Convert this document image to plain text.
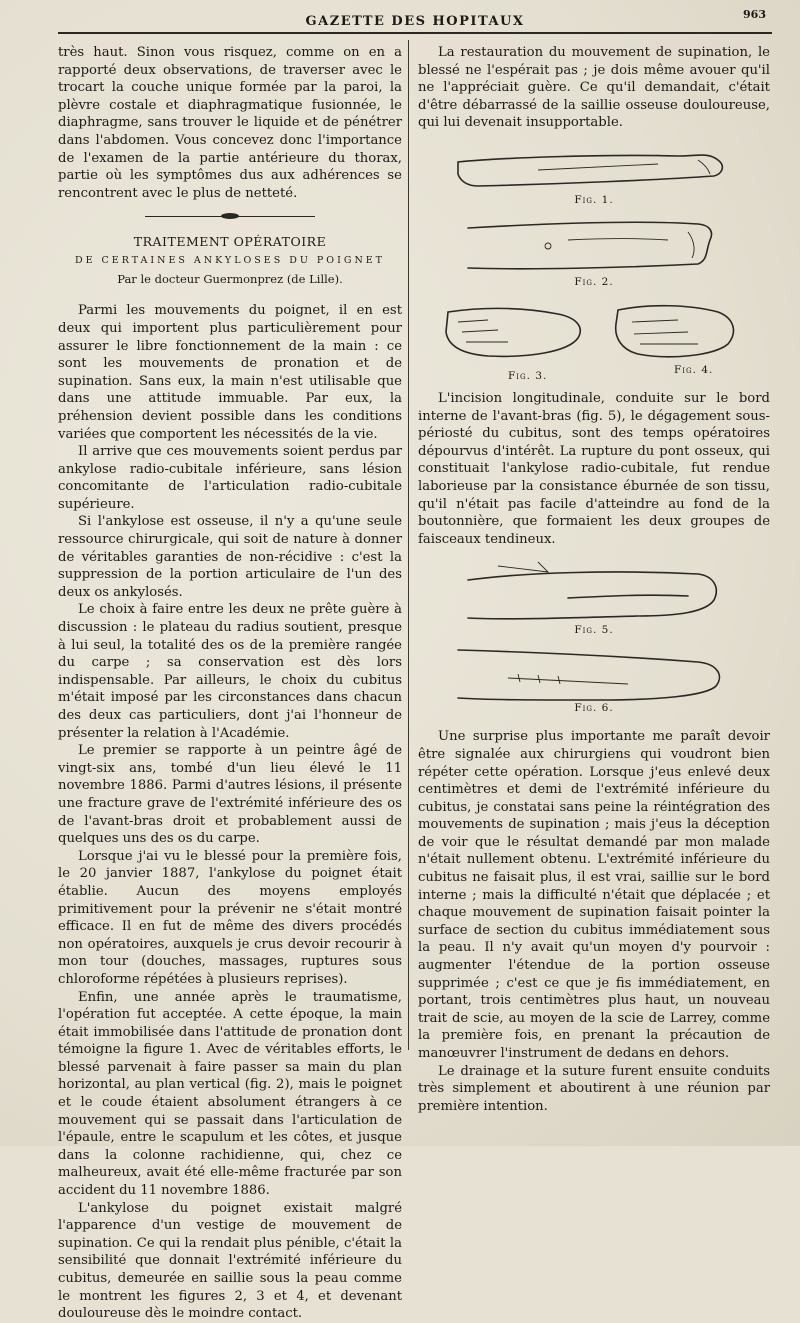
GAZETTE DES HOPITAUX	963

très haut. Sinon vous risquez, comme on en a rapporté deux observations, de traverser avec le trocart la couche unique formée par la paroi, la plèvre costale et diaphragmatique fusionnée, le diaphragme, sans trouver le liquide et de pénétrer dans l'abdomen. Vous concevez donc l'importance de l'examen de la partie antérieure du thorax, partie où les symptômes dus aux adhérences se rencontrent avec le plus de netteté.

TRAITEMENT OPÉRATOIRE
DE CERTAINES ANKYLOSES DU POIGNET
Par le docteur Guermonprez (de Lille).

Parmi les mouvements du poignet, il en est deux qui importent plus particulièrement pour assurer le libre fonctionnement de la main : ce sont les mouvements de pronation et de supination. Sans eux, la main n'est utilisable que dans une attitude immuable. Par eux, la préhension devient possible dans les conditions variées que comportent les nécessités de la vie.

Il arrive que ces mouvements soient perdus par ankylose radio-cubitale inférieure, sans lésion concomitante de l'articulation radio-cubitale supérieure.

Si l'ankylose est osseuse, il n'y a qu'une seule ressource chirurgicale, qui soit de nature à donner de véritables garanties de non-récidive : c'est la suppression de la portion articulaire de l'un des deux os ankylosés.

Le choix à faire entre les deux ne prête guère à discussion : le plateau du radius soutient, presque à lui seul, la totalité des os de la première rangée du carpe ; sa conservation est dès lors indispensable. Par ailleurs, le choix du cubitus m'était imposé par les circonstances dans chacun des deux cas particuliers, dont j'ai l'honneur de présenter la relation à l'Académie.

Le premier se rapporte à un peintre âgé de vingt-six ans, tombé d'un lieu élevé le 11 novembre 1886. Parmi d'autres lésions, il présente une fracture grave de l'extrémité inférieure des os de l'avant-bras droit et probablement aussi de quelques uns des os du carpe.

Lorsque j'ai vu le blessé pour la première fois, le 20 janvier 1887, l'ankylose du poignet était établie. Aucun des moyens employés primitivement pour la prévenir ne s'était montré efficace. Il en fut de même des divers procédés non opératoires, auxquels je crus devoir recourir à mon tour (douches, massages, ruptures sous chloroforme répétées à plusieurs reprises).

Enfin, une année après le traumatisme, l'opération fut acceptée. A cette époque, la main était immobilisée dans l'attitude de pronation dont témoigne la figure 1. Avec de véritables efforts, le blessé parvenait à faire passer sa main du plan horizontal, au plan vertical (fig. 2), mais le poignet et le coude étaient absolument étrangers à ce mouvement qui se passait dans l'articulation de l'épaule, entre le scapulum et les côtes, et jusque dans la colonne rachidienne, qui, chez ce malheureux, avait été elle-même fracturée par son accident du 11 novembre 1886.

L'ankylose du poignet existait malgré l'apparence d'un vestige de mouvement de supination. Ce qui la rendait plus pénible, c'était la sensibilité que donnait l'extrémité inférieure du cubitus, demeurée en saillie sous la peau comme le montrent les figures 2, 3 et 4, et devenant douloureuse dès le moindre contact.

La restauration du mouvement de supination, le blessé ne l'espérait pas ; je dois même avouer qu'il ne l'appréciait guère. Ce qu'il demandait, c'était d'être débarrassé de la saillie osseuse douloureuse, qui lui devenait insupportable.

Fig. 1.
Fig. 2.
Fig. 3.	Fig. 4.

L'incision longitudinale, conduite sur le bord interne de l'avant-bras (fig. 5), le dégagement sous-périosté du cubitus, sont des temps opératoires dépourvus d'intérêt. La rupture du pont osseux, qui constituait l'ankylose radio-cubitale, fut rendue laborieuse par la consistance éburnée de son tissu, qu'il n'était pas facile d'atteindre au fond de la boutonnière, que formaient les deux groupes de faisceaux tendineux.

Fig. 5.
Fig. 6.

Une surprise plus importante me paraît devoir être signalée aux chirurgiens qui voudront bien répéter cette opération. Lorsque j'eus enlevé deux centimètres et demi de l'extrémité inférieure du cubitus, je constatai sans peine la réintégration des mouvements de supination ; mais j'eus la déception de voir que le résultat demandé par mon malade n'était nullement obtenu. L'extrémité inférieure du cubitus ne faisait plus, il est vrai, saillie sur le bord interne ; mais la difficulté n'était que déplacée ; et chaque mouvement de supination faisait pointer la surface de section du cubitus immédiatement sous la peau. Il n'y avait qu'un moyen d'y pourvoir : augmenter l'étendue de la portion osseuse supprimée ; c'est ce que je fis immédiatement, en portant, trois centimètres plus haut, un nouveau trait de scie, au moyen de la scie de Larrey, comme la première fois, en prenant la précaution de manœuvrer l'instrument de dedans en dehors.

Le drainage et la suture furent ensuite conduits très simplement et aboutirent à une réunion par première intention.
